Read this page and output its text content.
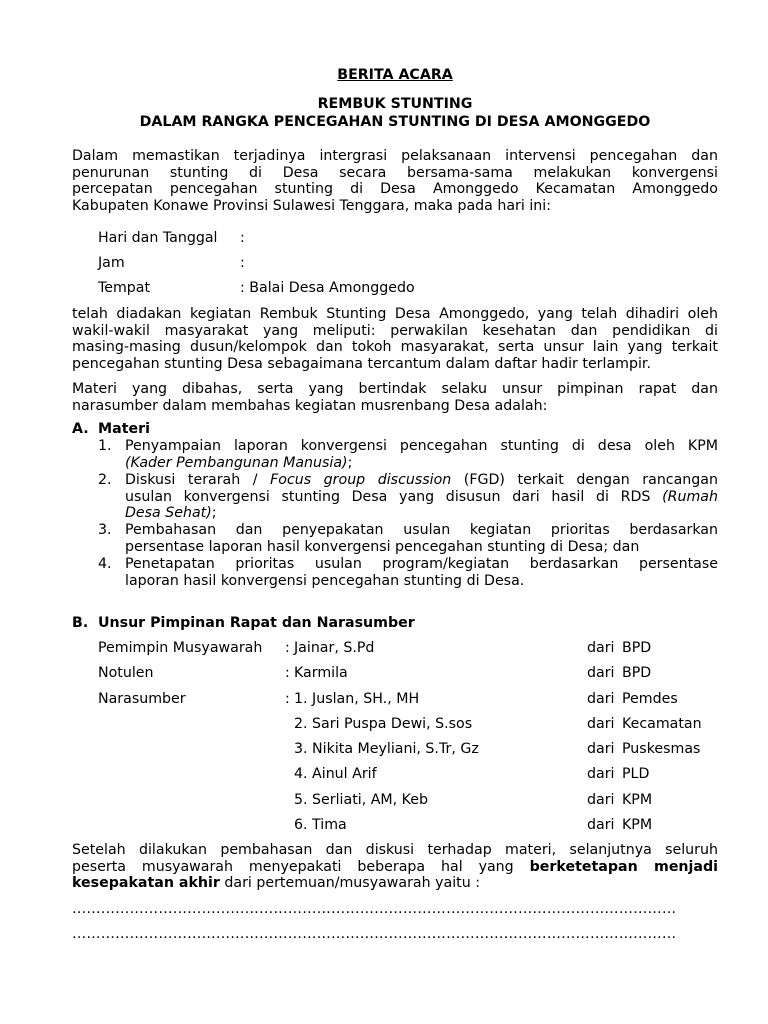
BERITA ACARA
REMBUK STUNTING
DALAM RANGKA PENCEGAHAN STUNTING DI DESA AMONGGEDO
Dalam memastikan terjadinya intergrasi pelaksanaan intervensi pencegahan dan
penurunan stunting di Desa secara bersama-sama melakukan konvergensi
percepatan pencegahan stunting di Desa Amonggedo Kecamatan Amonggedo
Kabupaten Konawe Provinsi Sulawesi Tenggara, maka pada hari ini:
Hari dan Tanggal :
Jam	:
Tempat	: Balai Desa Amonggedo
telah diadakan kegiatan Rembuk Stunting Desa Amonggedo, yang telah dihadiri oleh
wakil-wakil masyarakat yang meliputi: perwakilan kesehatan dan pendidikan di
masing-masing dusun/kelompok dan tokoh masyarakat, serta unsur lain yang terkait
pencegahan stunting Desa sebagaimana tercantum dalam daftar hadir terlampir.
Materi yang dibahas, serta yang bertindak selaku unsur pimpinan rapat dan
narasumber dalam membahas kegiatan musrenbang Desa adalah:
A. Materi
1. Penyampaian laporan konvergensi pencegahan stunting di desa oleh KPM
(Kader Pembangunan Manusia);
2. Diskusi terarah / Focus group discussion (FGD) terkait dengan rancangan
usulan konvergensi stunting Desa yang disusun dari hasil di RDS (Rumah
Desa Sehat);
3. Pembahasan dan penyepakatan usulan kegiatan prioritas berdasarkan
persentase laporan hasil konvergensi pencegahan stunting di Desa; dan
4. Penetapatan prioritas usulan program/kegiatan berdasarkan persentase
laporan hasil konvergensi pencegahan stunting di Desa.
B. Unsur Pimpinan Rapat dan Narasumber
Pemimpin Musyawarah : Jainar, S.Pd	dari BPD
Notulen	: Karmila	dari BPD
Narasumber	: 1. Juslan, SH., MH	dari Pemdes
2. Sari Puspa Dewi, S.sos	dari Kecamatan
3. Nikita Meyliani, S.Tr, Gz	dari Puskesmas
4. Ainul Arif	dari PLD
5. Serliati, AM, Keb	dari KPM
6. Tima	dari KPM
Setelah dilakukan pembahasan dan diskusi terhadap materi, selanjutnya seluruh
peserta musyawarah menyepakati beberapa hal yang berketetapan menjadi
kesepakatan akhir dari pertemuan/musyawarah yaitu :
………………………………………………………………………………………………………………
………………………………………………………………………………………………………………
